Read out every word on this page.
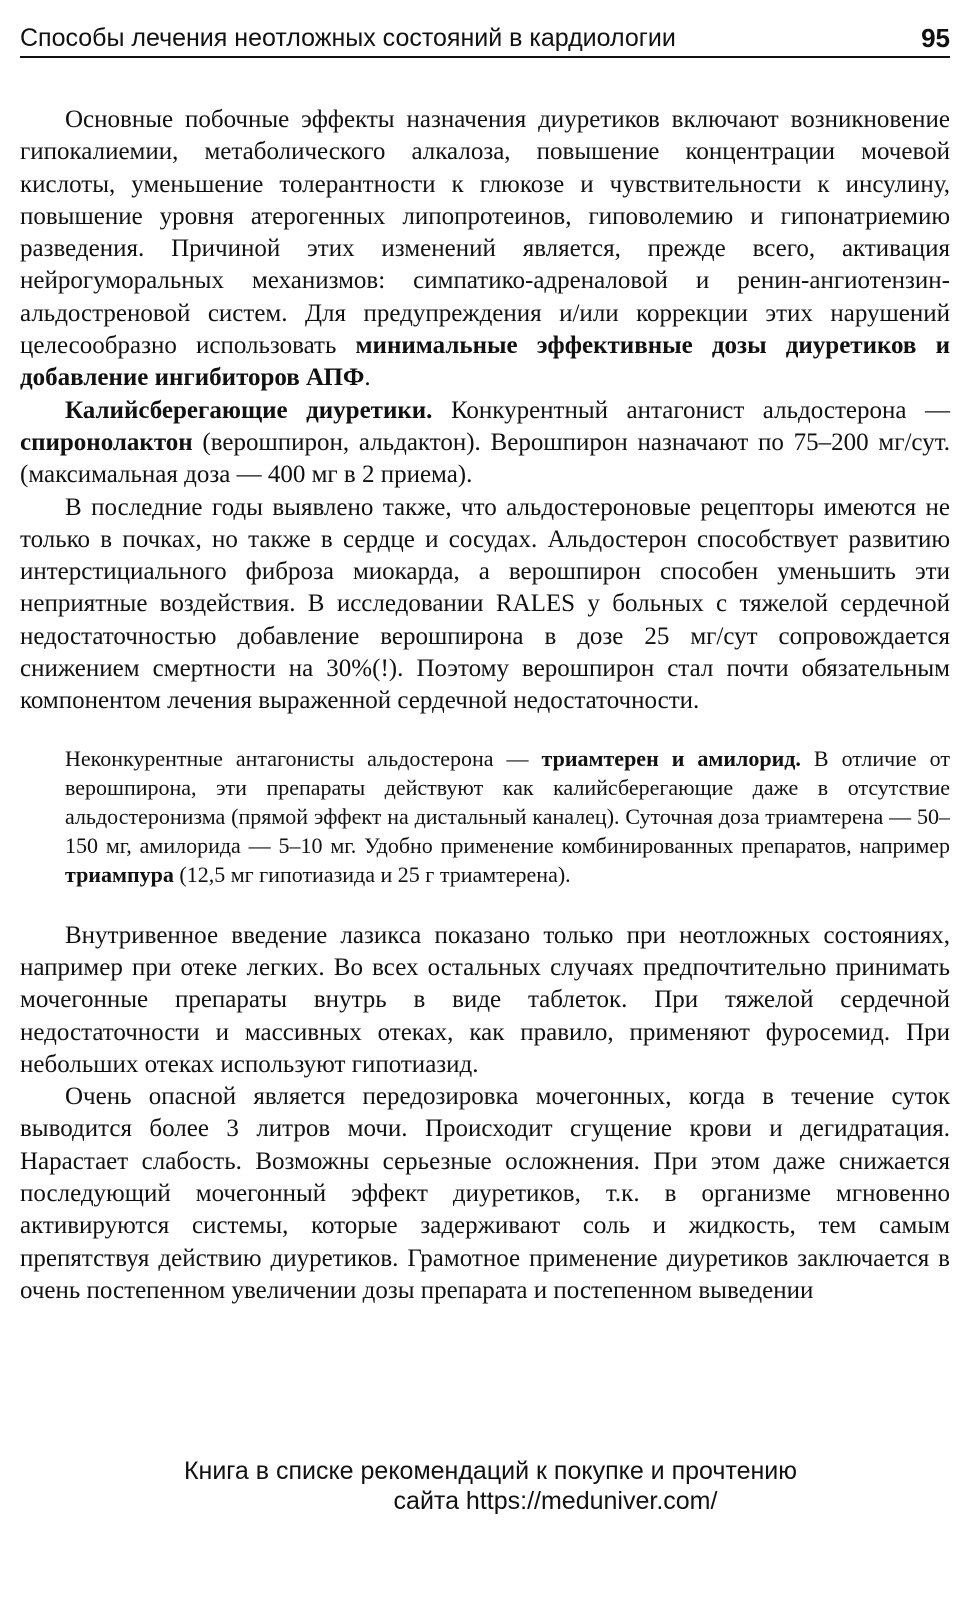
Способы лечения неотложных состояний в кардиологии	95

Основные побочные эффекты назначения диуретиков включают возникновение гипокалиемии, метаболического алкалоза, повышение концентрации мочевой кислоты, уменьшение толерантности к глюкозе и чувствительности к инсулину, повышение уровня атерогенных липопротеинов, гиповолемию и гипонатриемию разведения. Причиной этих изменений является, прежде всего, активация нейрогуморальных механизмов: симпатико-адреналовой и ренин-ангиотензин-альдостреновой систем. Для предупреждения и/или коррекции этих нарушений целесообразно использовать минимальные эффективные дозы диуретиков и добавление ингибиторов АПФ.

Калийсберегающие диуретики. Конкурентный антагонист альдостерона — спиронолактон (верошпирон, альдактон). Верошпирон назначают по 75–200 мг/сут. (максимальная доза — 400 мг в 2 приема).

В последние годы выявлено также, что альдостероновые рецепторы имеются не только в почках, но также в сердце и сосудах. Альдостерон способствует развитию интерстициального фиброза миокарда, а верошпирон способен уменьшить эти неприятные воздействия. В исследовании RALES у больных с тяжелой сердечной недостаточностью добавление верошпирона в дозе 25 мг/сут сопровождается снижением смертности на 30%(!). Поэтому верошпирон стал почти обязательным компонентом лечения выраженной сердечной недостаточности.

Неконкурентные антагонисты альдостерона — триамтерен и амилорид. В отличие от верошпирона, эти препараты действуют как калийсберегающие даже в отсутствие альдостеронизма (прямой эффект на дистальный каналец). Суточная доза триамтерена — 50–150 мг, амилорида — 5–10 мг. Удобно применение комбинированных препаратов, например триампура (12,5 мг гипотиазида и 25 г триамтерена).

Внутривенное введение лазикса показано только при неотложных состояниях, например при отеке легких. Во всех остальных случаях предпочтительно принимать мочегонные препараты внутрь в виде таблеток. При тяжелой сердечной недостаточности и массивных отеках, как правило, применяют фуросемид. При небольших отеках используют гипотиазид.

Очень опасной является передозировка мочегонных, когда в течение суток выводится более 3 литров мочи. Происходит сгущение крови и дегидратация. Нарастает слабость. Возможны серьезные осложнения. При этом даже снижается последующий мочегонный эффект диуретиков, т.к. в организме мгновенно активируются системы, которые задерживают соль и жидкость, тем самым препятствуя действию диуретиков. Грамотное применение диуретиков заключается в очень постепенном увеличении дозы препарата и постепенном выведении

Книга в списке рекомендаций к покупке и прочтению
сайта https://meduniver.com/
